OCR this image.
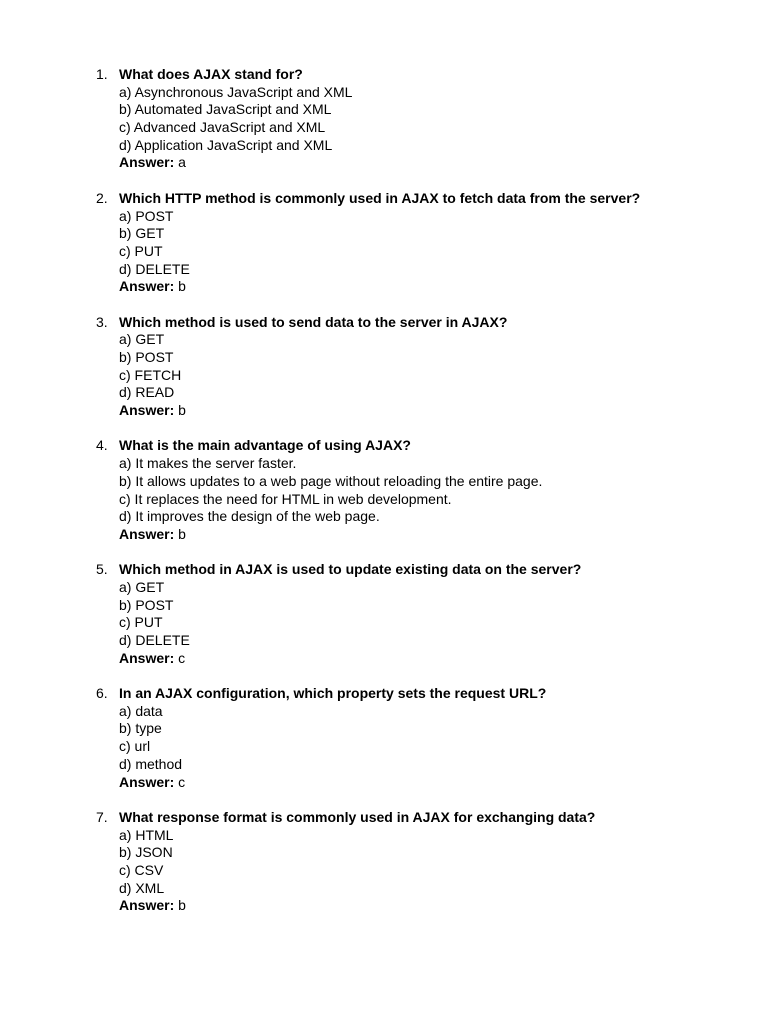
1. What does AJAX stand for?
a) Asynchronous JavaScript and XML
b) Automated JavaScript and XML
c) Advanced JavaScript and XML
d) Application JavaScript and XML
Answer: a
2. Which HTTP method is commonly used in AJAX to fetch data from the server?
a) POST
b) GET
c) PUT
d) DELETE
Answer: b
3. Which method is used to send data to the server in AJAX?
a) GET
b) POST
c) FETCH
d) READ
Answer: b
4. What is the main advantage of using AJAX?
a) It makes the server faster.
b) It allows updates to a web page without reloading the entire page.
c) It replaces the need for HTML in web development.
d) It improves the design of the web page.
Answer: b
5. Which method in AJAX is used to update existing data on the server?
a) GET
b) POST
c) PUT
d) DELETE
Answer: c
6. In an AJAX configuration, which property sets the request URL?
a) data
b) type
c) url
d) method
Answer: c
7. What response format is commonly used in AJAX for exchanging data?
a) HTML
b) JSON
c) CSV
d) XML
Answer: b
